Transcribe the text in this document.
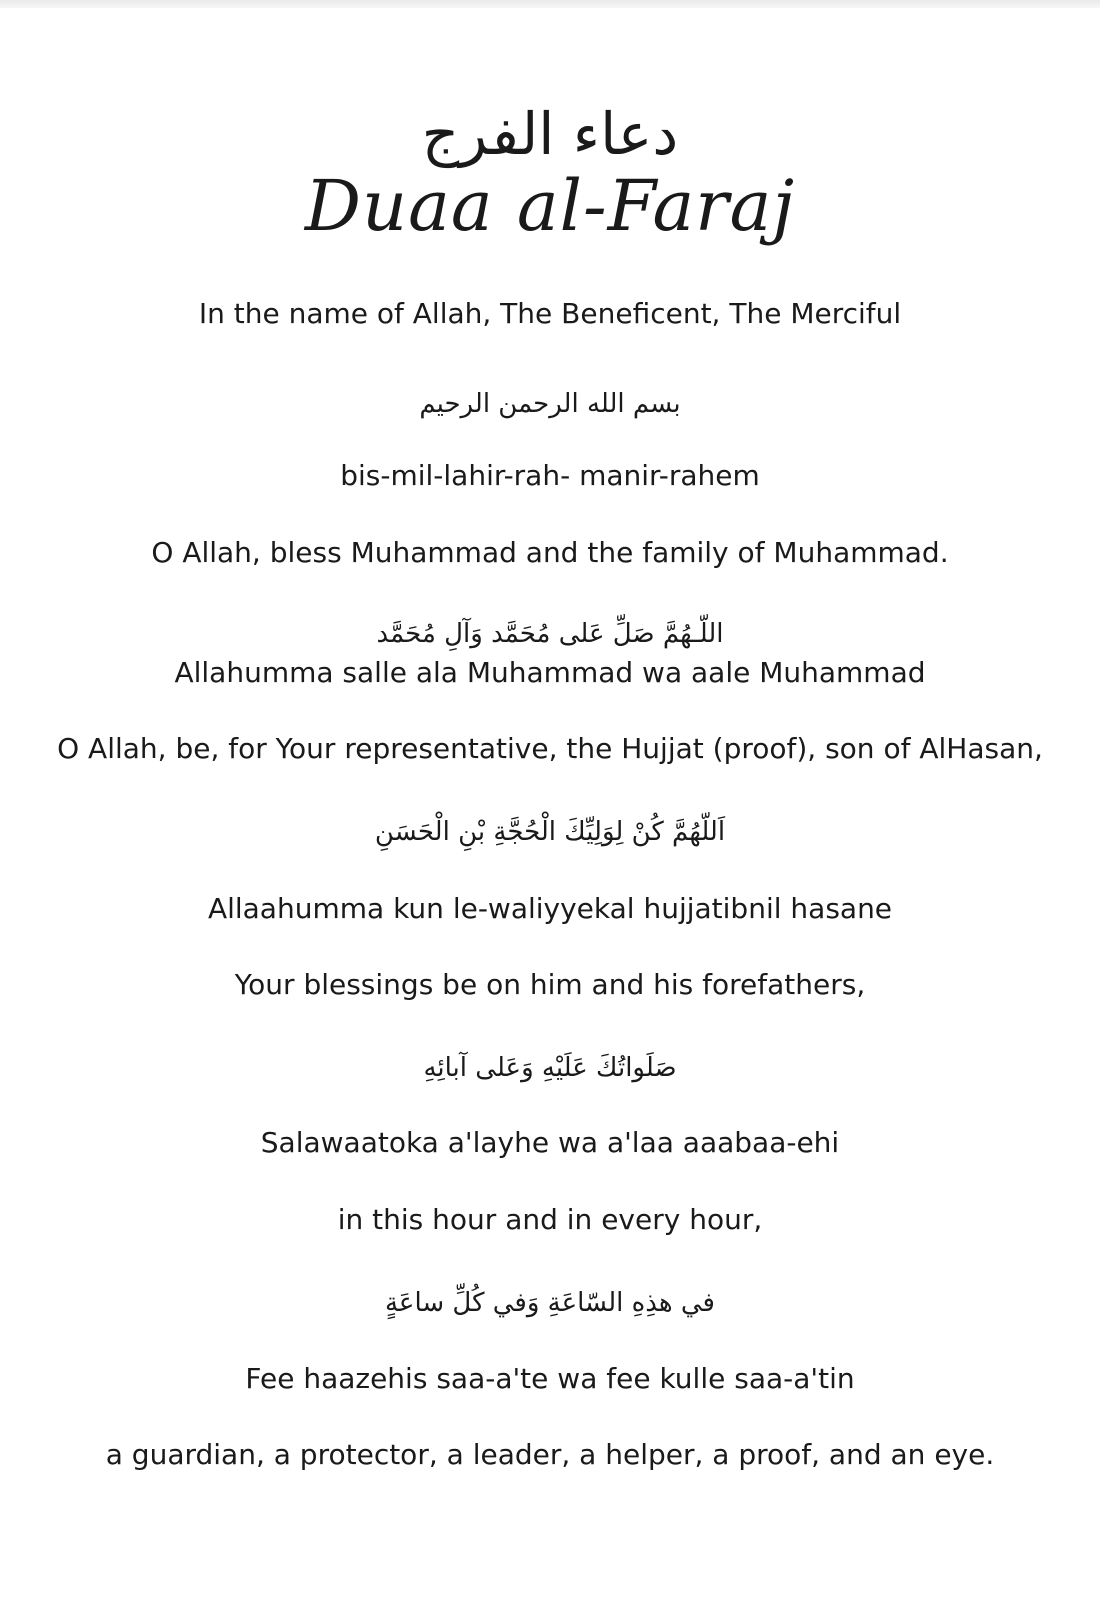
دعاء الفرج
Duaa al-Faraj
In the name of Allah, The Beneficent, The Merciful
بسم الله الرحمن الرحيم
bis-mil-lahir-rah- manir-rahem
O Allah, bless Muhammad and the family of Muhammad.
اللّـهُمَّ صَلِّ عَلى مُحَمَّد وَآلِ مُحَمَّد
Allahumma salle ala Muhammad wa aale Muhammad
O Allah, be, for Your representative, the Hujjat (proof), son of AlHasan,
اَللّهُمَّ كُنْ لِوَلِيِّكَ الْحُجَّةِ بْنِ الْحَسَنِ
Allaahumma kun le-waliyyekal hujjatibnil hasane
Your blessings be on him and his forefathers,
صَلَواتُكَ عَلَيْهِ وَعَلى آبائِهِ
Salawaatoka a'layhe wa a'laa aaabaa-ehi
in this hour and in every hour,
في هذِهِ السّاعَةِ وَفي كُلِّ ساعَةٍ
Fee haazehis saa-a'te wa fee kulle saa-a'tin
a guardian, a protector, a leader, a helper, a proof, and an eye.
